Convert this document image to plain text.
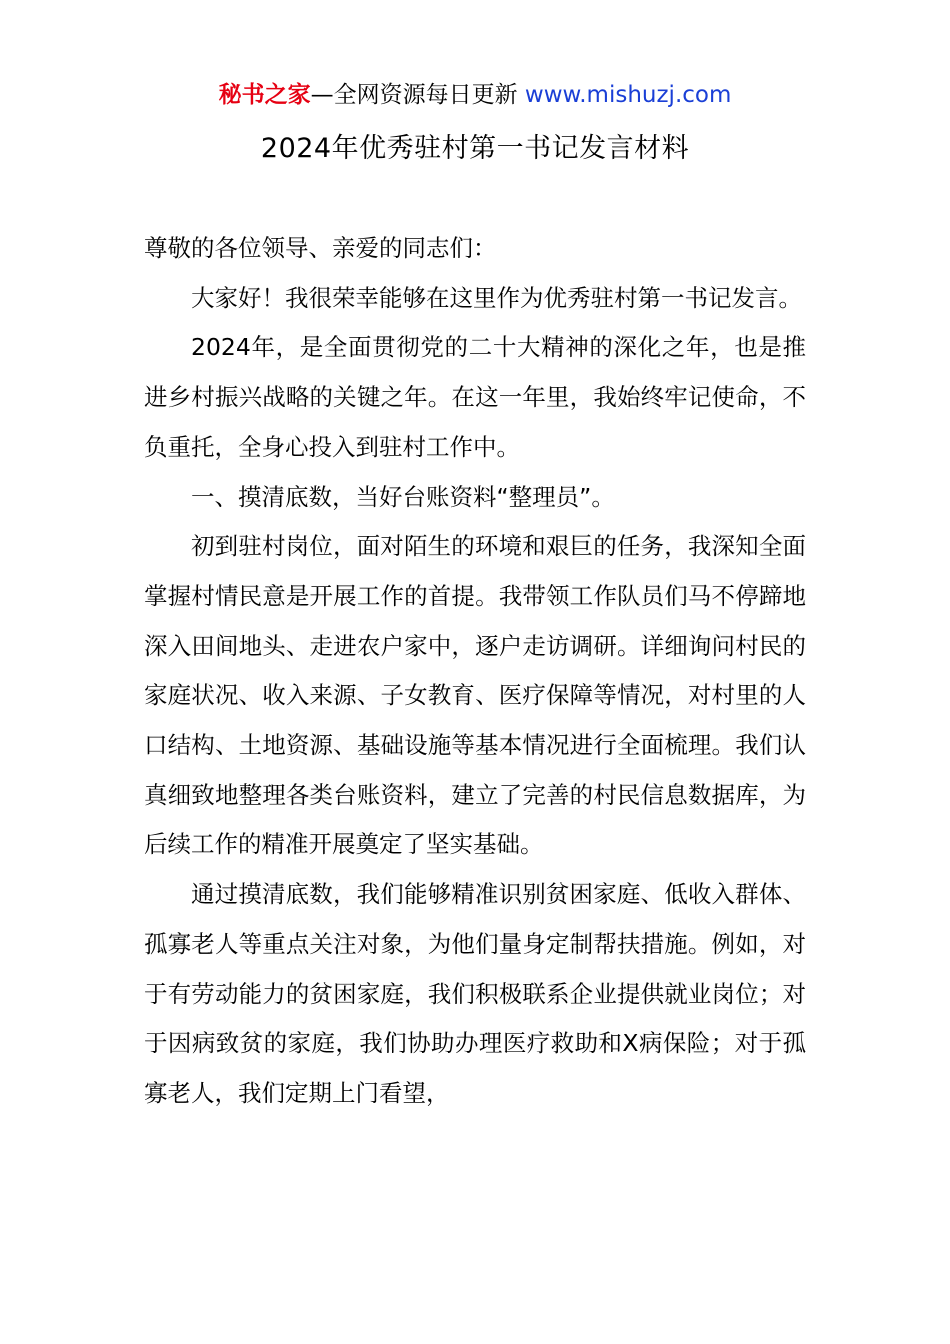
秘书之家—全网资源每日更新 www.mishuzj.com
2024年优秀驻村第一书记发言材料

尊敬的各位领导、亲爱的同志们：

大家好！我很荣幸能够在这里作为优秀驻村第一书记发言。

2024年，是全面贯彻党的二十大精神的深化之年，也是推进乡村振兴战略的关键之年。在这一年里，我始终牢记使命，不负重托，全身心投入到驻村工作中。

一、摸清底数，当好台账资料“整理员”。

初到驻村岗位，面对陌生的环境和艰巨的任务，我深知全面掌握村情民意是开展工作的首提。我带领工作队员们马不停蹄地深入田间地头、走进农户家中，逐户走访调研。详细询问村民的家庭状况、收入来源、子女教育、医疗保障等情况，对村里的人口结构、土地资源、基础设施等基本情况进行全面梳理。我们认真细致地整理各类台账资料，建立了完善的村民信息数据库，为后续工作的精准开展奠定了坚实基础。

通过摸清底数，我们能够精准识别贫困家庭、低收入群体、孤寡老人等重点关注对象，为他们量身定制帮扶措施。例如，对于有劳动能力的贫困家庭，我们积极联系企业提供就业岗位；对于因病致贫的家庭，我们协助办理医疗救助和X病保险；对于孤寡老人，我们定期上门看望，
